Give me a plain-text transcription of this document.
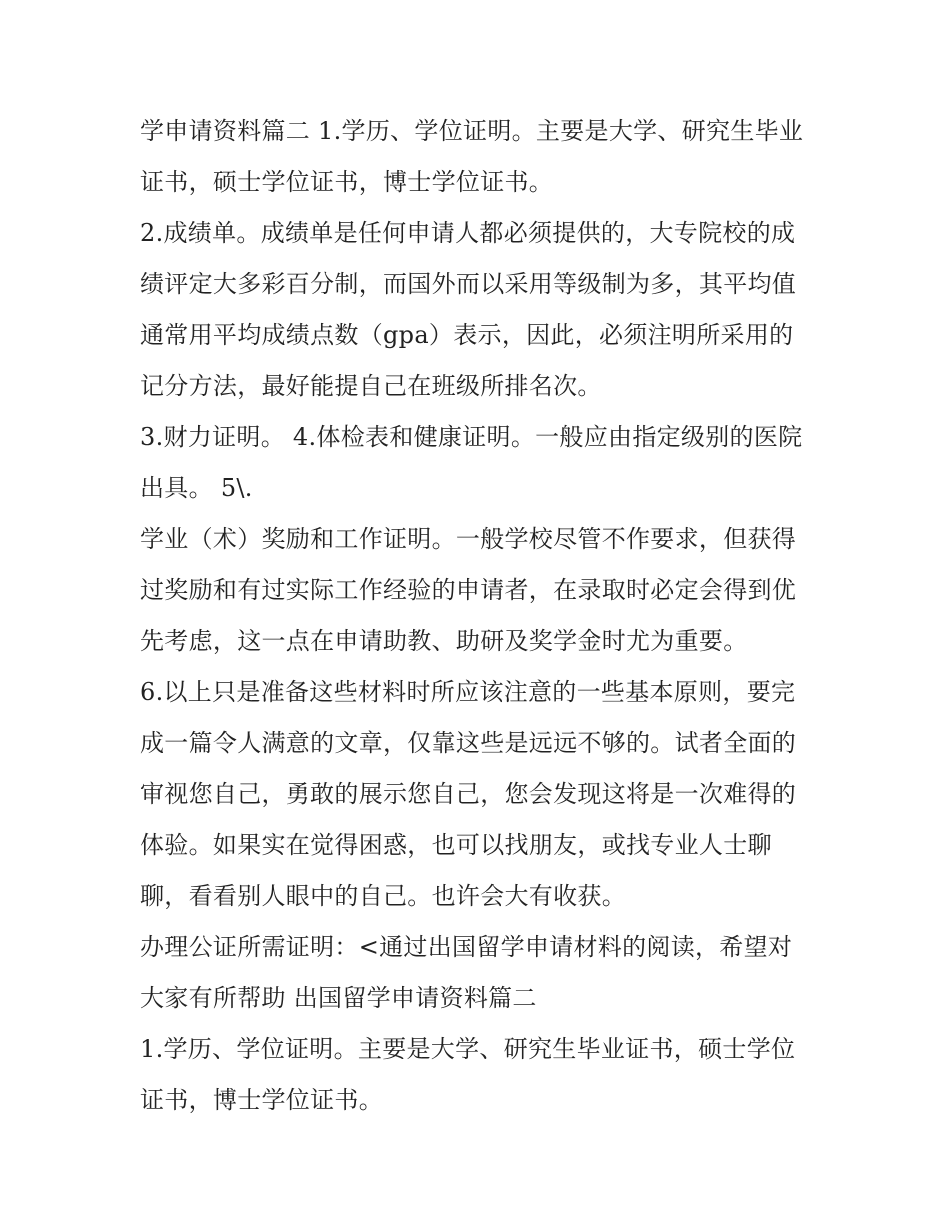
学申请资料篇二 1.学历、学位证明。主要是大学、研究生毕业
证书，硕士学位证书，博士学位证书。
2.成绩单。成绩单是任何申请人都必须提供的，大专院校的成
绩评定大多彩百分制，而国外而以采用等级制为多，其平均值
通常用平均成绩点数（gpa）表示，因此，必须注明所采用的
记分方法，最好能提自己在班级所排名次。
3.财力证明。 4.体检表和健康证明。一般应由指定级别的医院
出具。 5\.
学业（术）奖励和工作证明。一般学校尽管不作要求，但获得
过奖励和有过实际工作经验的申请者，在录取时必定会得到优
先考虑，这一点在申请助教、助研及奖学金时尤为重要。
6.以上只是准备这些材料时所应该注意的一些基本原则，要完
成一篇令人满意的文章，仅靠这些是远远不够的。试者全面的
审视您自己，勇敢的展示您自己，您会发现这将是一次难得的
体验。如果实在觉得困惑，也可以找朋友，或找专业人士聊
聊，看看别人眼中的自己。也许会大有收获。
办理公证所需证明：<通过出国留学申请材料的阅读，希望对
大家有所帮助 出国留学申请资料篇二
1.学历、学位证明。主要是大学、研究生毕业证书，硕士学位
证书，博士学位证书。
